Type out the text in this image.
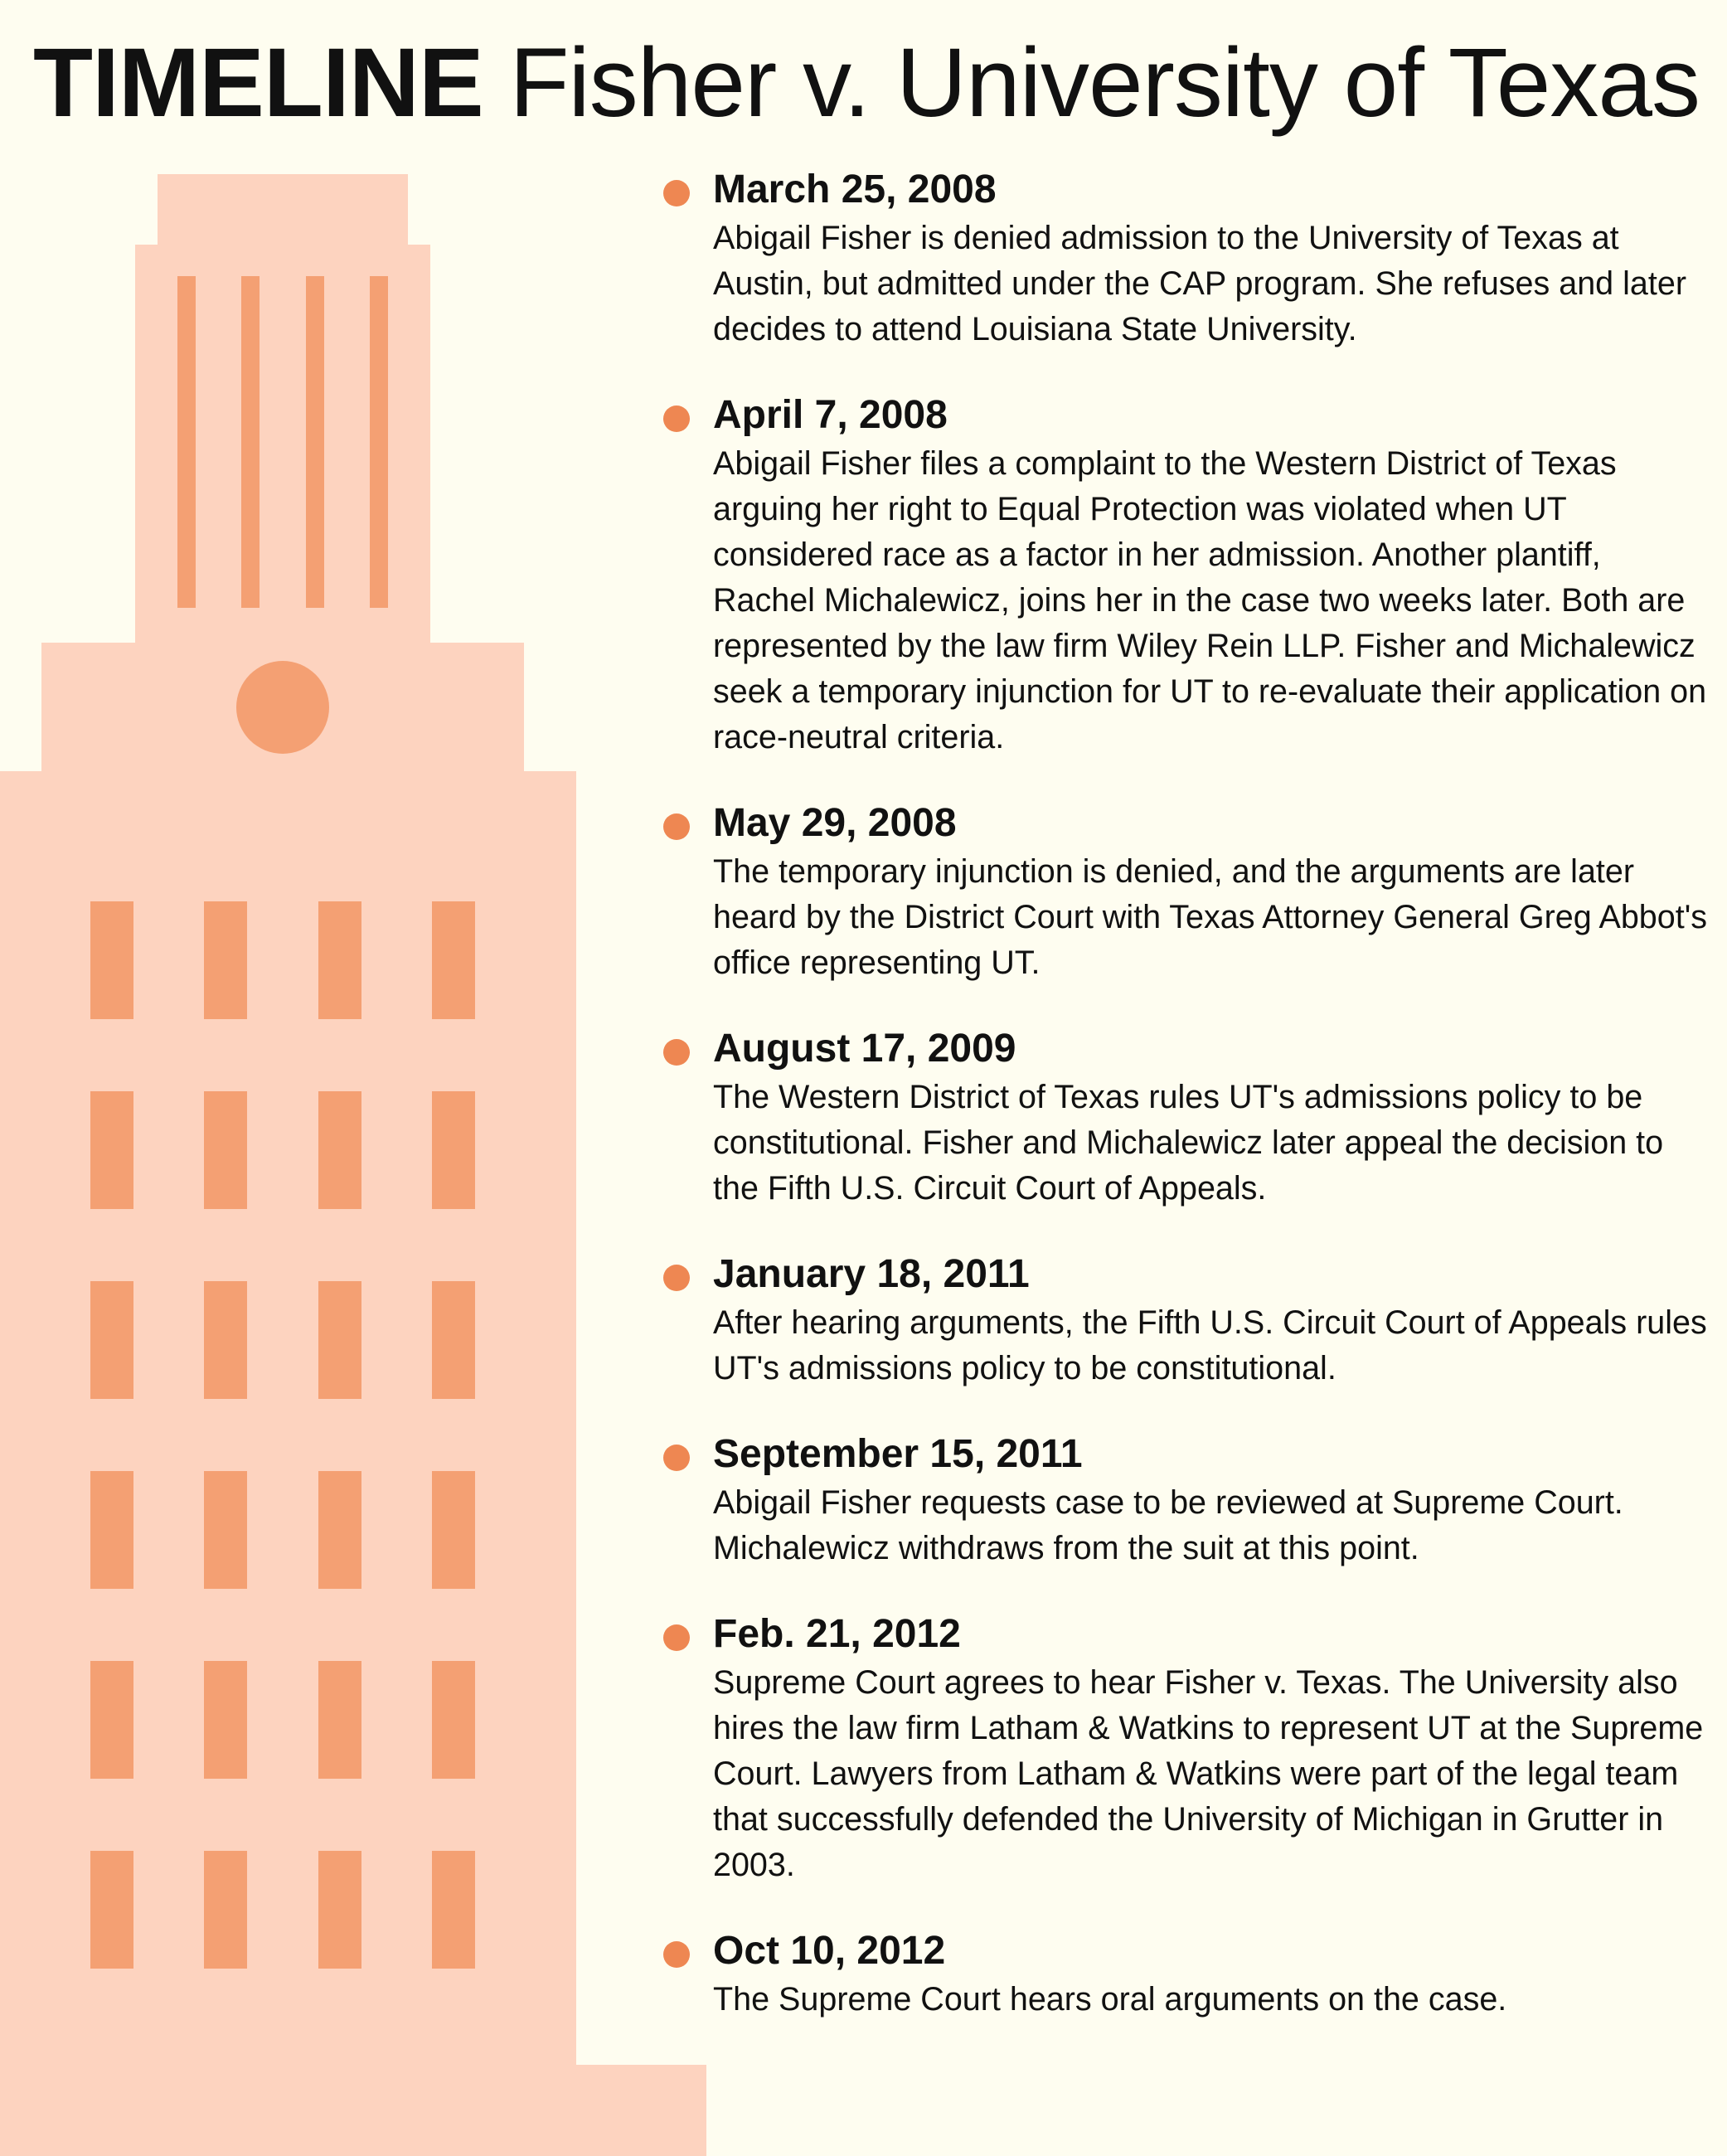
TIMELINE Fisher v. University of Texas
March 25, 2008
Abigail Fisher is denied admission to the University of Texas at Austin, but admitted under the CAP program. She refuses and later decides to attend Louisiana State University.
April 7, 2008
Abigail Fisher files a complaint to the Western District of Texas arguing her right to Equal Protection was violated when UT considered race as a factor in her admission. Another plantiff, Rachel Michalewicz, joins her in the case two weeks later. Both are represented by the law firm Wiley Rein LLP. Fisher and Michalewicz seek a temporary injunction for UT to re-evaluate their application on race-neutral criteria.
May 29, 2008
The temporary injunction is denied, and the arguments are later heard by the District Court with Texas Attorney General Greg Abbot's office representing UT.
August 17, 2009
The Western District of Texas rules UT's admissions policy to be constitutional. Fisher and Michalewicz later appeal the decision to the Fifth U.S. Circuit Court of Appeals.
January 18, 2011
After hearing arguments, the Fifth U.S. Circuit Court of Appeals rules UT's admissions policy to be constitutional.
September 15, 2011
Abigail Fisher requests case to be reviewed at Supreme Court. Michalewicz withdraws from the suit at this point.
Feb. 21, 2012
Supreme Court agrees to hear Fisher v. Texas. The University also hires the law firm Latham & Watkins to represent UT at the Supreme Court. Lawyers from Latham & Watkins were part of the legal team that successfully defended the University of Michigan in Grutter in 2003.
Oct 10, 2012
The Supreme Court hears oral arguments on the case.
